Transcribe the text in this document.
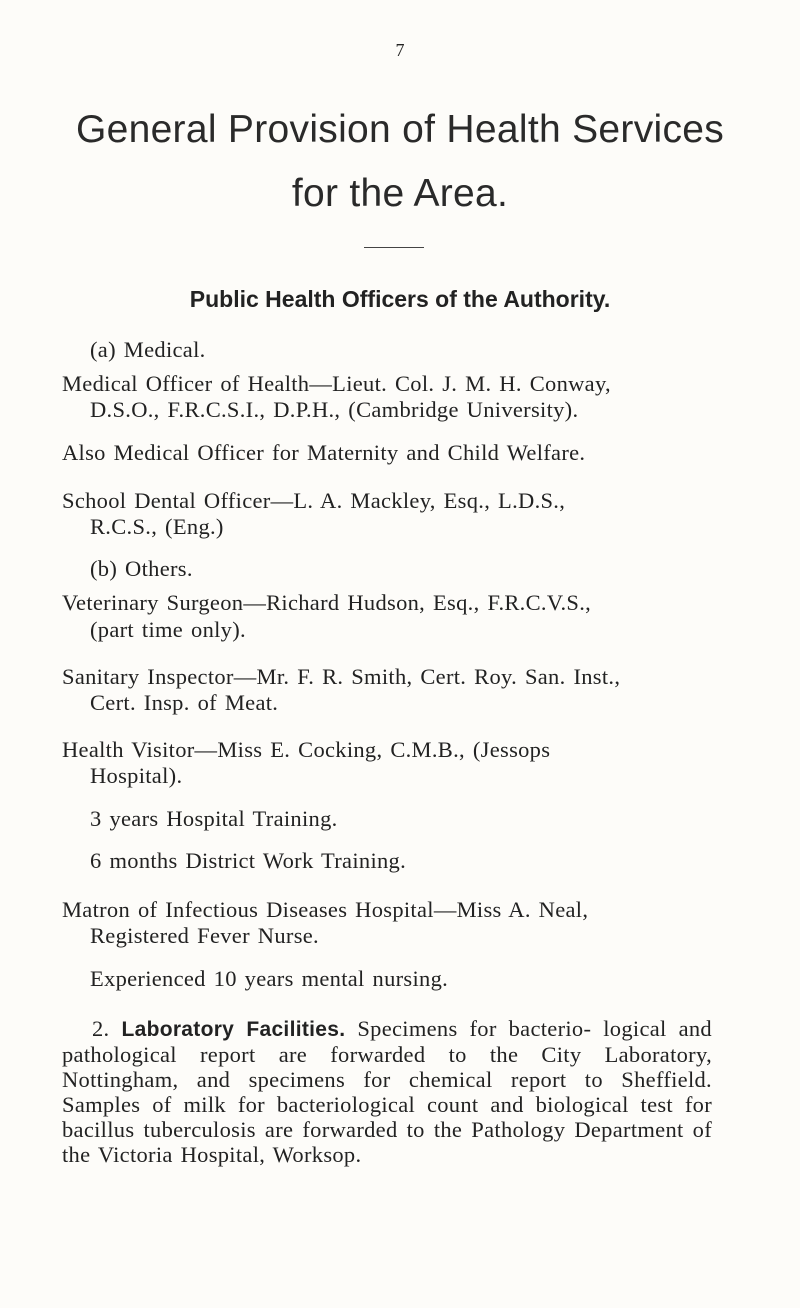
7
General Provision of Health Services
for the Area.
Public Health Officers of the Authority.
(a) Medical.
Medical Officer of Health—Lieut. Col. J. M. H. Conway,
D.S.O., F.R.C.S.I., D.P.H., (Cambridge University).
Also Medical Officer for Maternity and Child Welfare.
School Dental Officer—L. A. Mackley, Esq., L.D.S.,
R.C.S., (Eng.)
(b) Others.
Veterinary Surgeon—Richard Hudson, Esq., F.R.C.V.S.,
(part time only).
Sanitary Inspector—Mr. F. R. Smith, Cert. Roy. San. Inst.,
Cert. Insp. of Meat.
Health Visitor—Miss E. Cocking, C.M.B., (Jessops
Hospital).
3 years Hospital Training.
6 months District Work Training.
Matron of Infectious Diseases Hospital—Miss A. Neal,
Registered Fever Nurse.
Experienced 10 years mental nursing.
2. Laboratory Facilities. Specimens for bacterio- logical and pathological report are forwarded to the City Laboratory, Nottingham, and specimens for chemical report to Sheffield. Samples of milk for bacteriological count and biological test for bacillus tuberculosis are forwarded to the Pathology Department of the Victoria Hospital, Worksop.
